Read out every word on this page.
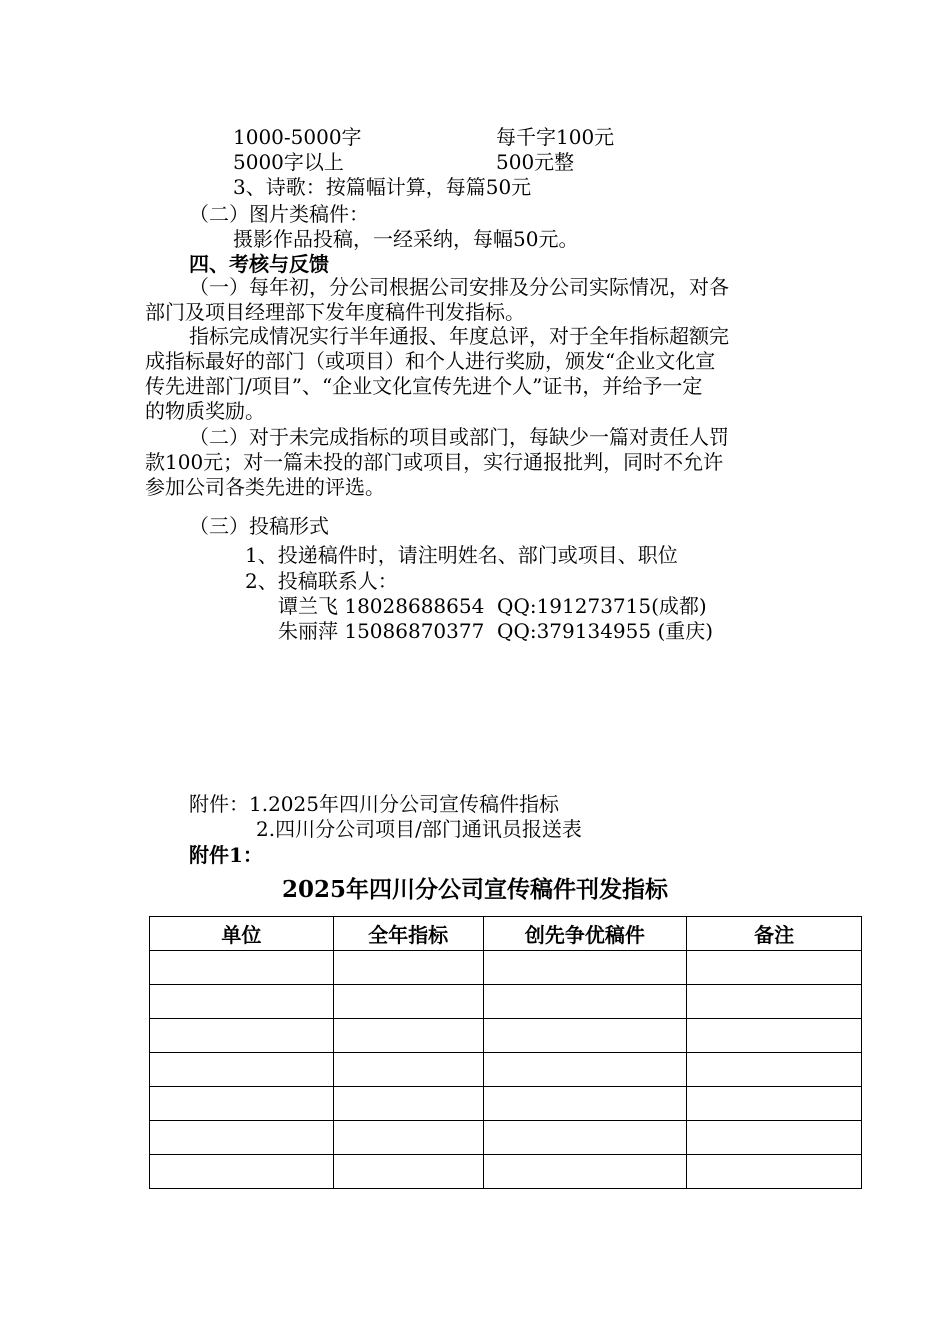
1000-5000字	每千字100元
5000字以上	500元整
3、诗歌：按篇幅计算，每篇50元
（二）图片类稿件：
摄影作品投稿，一经采纳，每幅50元。
四、考核与反馈
（一）每年初，分公司根据公司安排及分公司实际情况，对各
部门及项目经理部下发年度稿件刊发指标。
指标完成情况实行半年通报、年度总评，对于全年指标超额完
成指标最好的部门（或项目）和个人进行奖励，颁发“企业文化宣
传先进部门/项目”、“企业文化宣传先进个人”证书，并给予一定
的物质奖励。
（二）对于未完成指标的项目或部门，每缺少一篇对责任人罚
款100元；对一篇未投的部门或项目，实行通报批判，同时不允许
参加公司各类先进的评选。
（三）投稿形式
1、投递稿件时，请注明姓名、部门或项目、职位
2、投稿联系人：
谭兰飞 18028688654  QQ:191273715(成都)
朱丽萍 15086870377  QQ:379134955 (重庆)
附件：1.2025年四川分公司宣传稿件指标
2.四川分公司项目/部门通讯员报送表
附件1：
2025年四川分公司宣传稿件刊发指标
单位	全年指标	创先争优稿件	备注
